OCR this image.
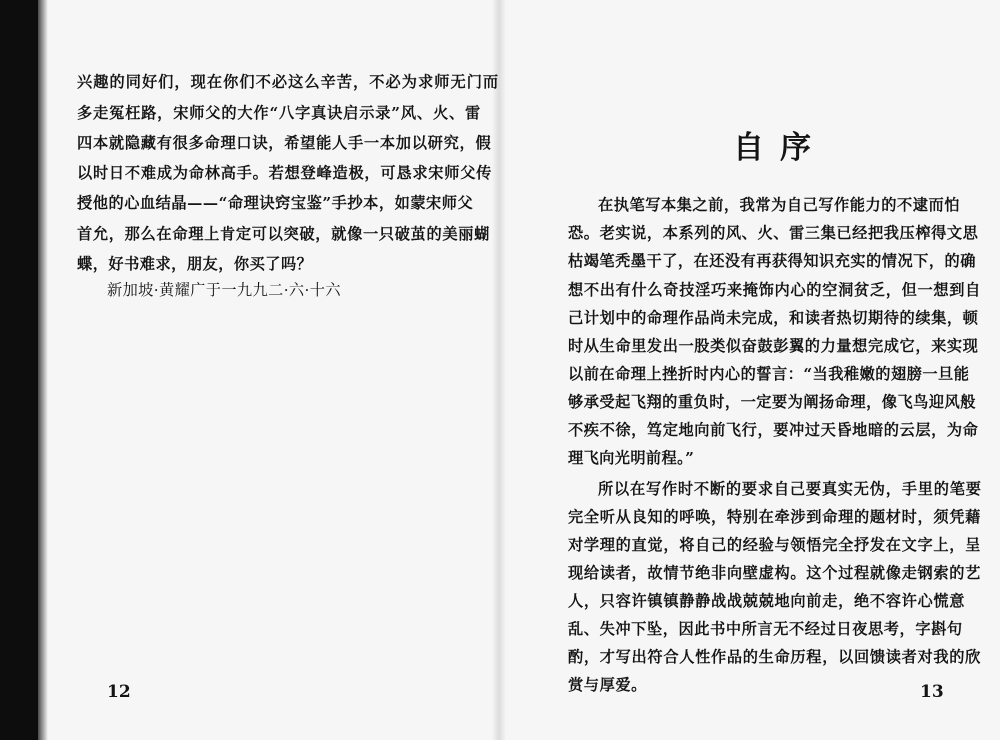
兴趣的同好们，现在你们不必这么辛苦，不必为求师无门而
多走冤枉路，宋师父的大作“八字真诀启示录”风、火、雷
四本就隐藏有很多命理口诀，希望能人手一本加以研究，假
以时日不难成为命林高手。若想登峰造极，可恳求宋师父传
授他的心血结晶——“命理诀窍宝鉴”手抄本，如蒙宋师父
首允，那么在命理上肯定可以突破，就像一只破茧的美丽蝴
蝶，好书难求，朋友，你买了吗？
新加坡·黄耀广于一九九二·六·十六
12
自序
在执笔写本集之前，我常为自己写作能力的不逮而怕
恐。老实说，本系列的风、火、雷三集已经把我压榨得文思
枯竭笔秃墨干了，在还没有再获得知识充实的情况下，的确
想不出有什么奇技淫巧来掩饰内心的空洞贫乏，但一想到自
己计划中的命理作品尚未完成，和读者热切期待的续集，顿
时从生命里发出一股类似奋鼓彭翼的力量想完成它，来实现
以前在命理上挫折时内心的誓言：“当我稚嫩的翅膀一旦能
够承受起飞翔的重负时，一定要为阐扬命理，像飞鸟迎风般
不疾不徐，笃定地向前飞行，要冲过天昏地暗的云层，为命
理飞向光明前程。”
所以在写作时不断的要求自己要真实无伪，手里的笔要
完全听从良知的呼唤，特别在牵涉到命理的题材时，须凭藉
对学理的直觉，将自己的经验与领悟完全抒发在文字上，呈
现给读者，故情节绝非向壁虚构。这个过程就像走钢索的艺
人，只容许镇镇静静战战兢兢地向前走，绝不容许心慌意
乱、失冲下坠，因此书中所言无不经过日夜思考，字斟句
酌，才写出符合人性作品的生命历程，以回馈读者对我的欣
赏与厚爱。	13
